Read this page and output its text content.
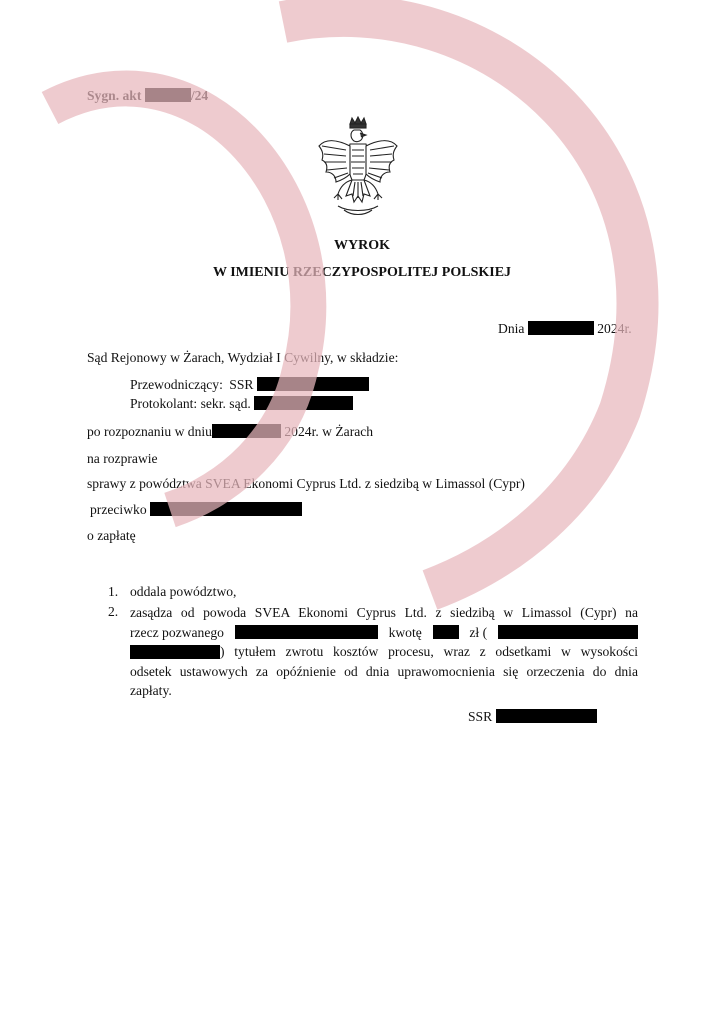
Sygn. akt	/24
WYROK
W IMIENIU RZECZYPOSPOLITEJ POLSKIEJ
Dnia	2024r.
Sąd Rejonowy w Żarach, Wydział I Cywilny, w składzie:
Przewodniczący: SSR
Protokolant: sekr. sąd.
po rozpoznaniu w dniu	2024r. w Żarach
na rozprawie
sprawy z powództwa SVEA Ekonomi Cyprus Ltd. z siedzibą w Limassol (Cypr)
przeciwko
o zapłatę
1. oddala powództwo,
2. zasądza od powoda SVEA Ekonomi Cyprus Ltd. z siedzibą w Limassol (Cypr) na
rzecz pozwanego	kwotę	zł (
) tytułem zwrotu kosztów procesu, wraz z odsetkami w wysokości
odsetek ustawowych za opóźnienie od dnia uprawomocnienia się orzeczenia do dnia
zapłaty.
SSR
